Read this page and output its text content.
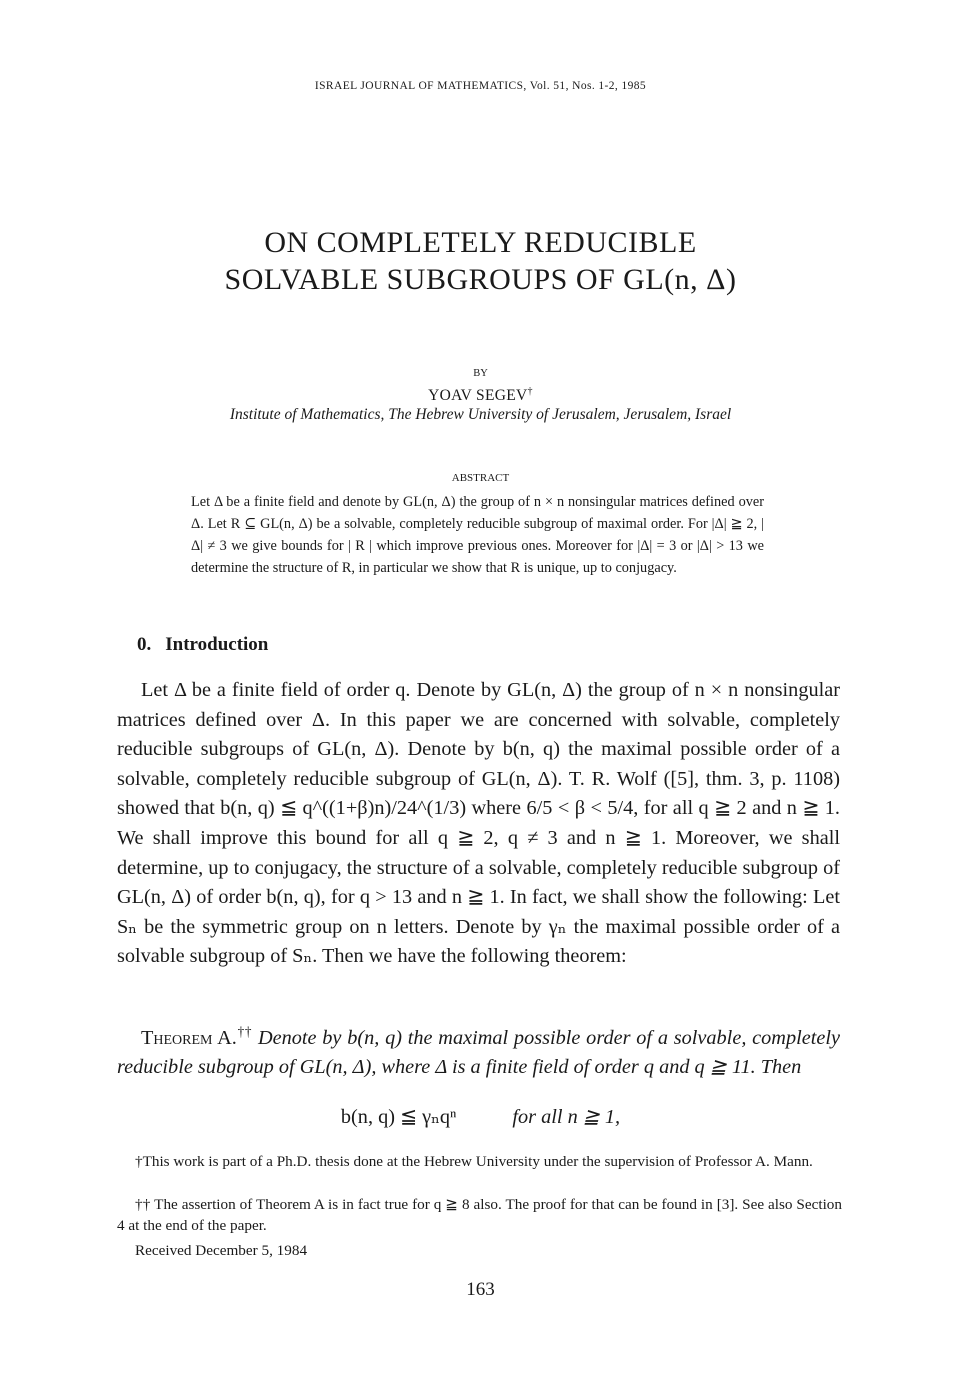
ISRAEL JOURNAL OF MATHEMATICS, Vol. 51, Nos. 1-2, 1985
ON COMPLETELY REDUCIBLE
SOLVABLE SUBGROUPS OF GL(n, Δ)
BY
YOAV SEGEV†
Institute of Mathematics, The Hebrew University of Jerusalem, Jerusalem, Israel
ABSTRACT
Let Δ be a finite field and denote by GL(n, Δ) the group of n × n nonsingular matrices defined over Δ. Let R ⊆ GL(n, Δ) be a solvable, completely reducible subgroup of maximal order. For |Δ| ≧ 2, |Δ| ≠ 3 we give bounds for | R | which improve previous ones. Moreover for |Δ| = 3 or |Δ| > 13 we determine the structure of R, in particular we show that R is unique, up to conjugacy.
0. Introduction
Let Δ be a finite field of order q. Denote by GL(n, Δ) the group of n × n nonsingular matrices defined over Δ. In this paper we are concerned with solvable, completely reducible subgroups of GL(n, Δ). Denote by b(n, q) the maximal possible order of a solvable, completely reducible subgroup of GL(n, Δ). T. R. Wolf ([5], thm. 3, p. 1108) showed that b(n, q) ≦ q^((1+β)n)/24^(1/3) where 6/5 < β < 5/4, for all q ≧ 2 and n ≧ 1. We shall improve this bound for all q ≧ 2, q ≠ 3 and n ≧ 1. Moreover, we shall determine, up to conjugacy, the structure of a solvable, completely reducible subgroup of GL(n, Δ) of order b(n, q), for q > 13 and n ≧ 1. In fact, we shall show the following: Let Sₙ be the symmetric group on n letters. Denote by γₙ the maximal possible order of a solvable subgroup of Sₙ. Then we have the following theorem:
Theorem A.†† Denote by b(n, q) the maximal possible order of a solvable, completely reducible subgroup of GL(n, Δ), where Δ is a finite field of order q and q ≧ 11. Then
b(n, q) ≦ γₙqⁿ	for all n ≧ 1,
†This work is part of a Ph.D. thesis done at the Hebrew University under the supervision of Professor A. Mann.
†† The assertion of Theorem A is in fact true for q ≧ 8 also. The proof for that can be found in [3]. See also Section 4 at the end of the paper.
Received December 5, 1984
163
